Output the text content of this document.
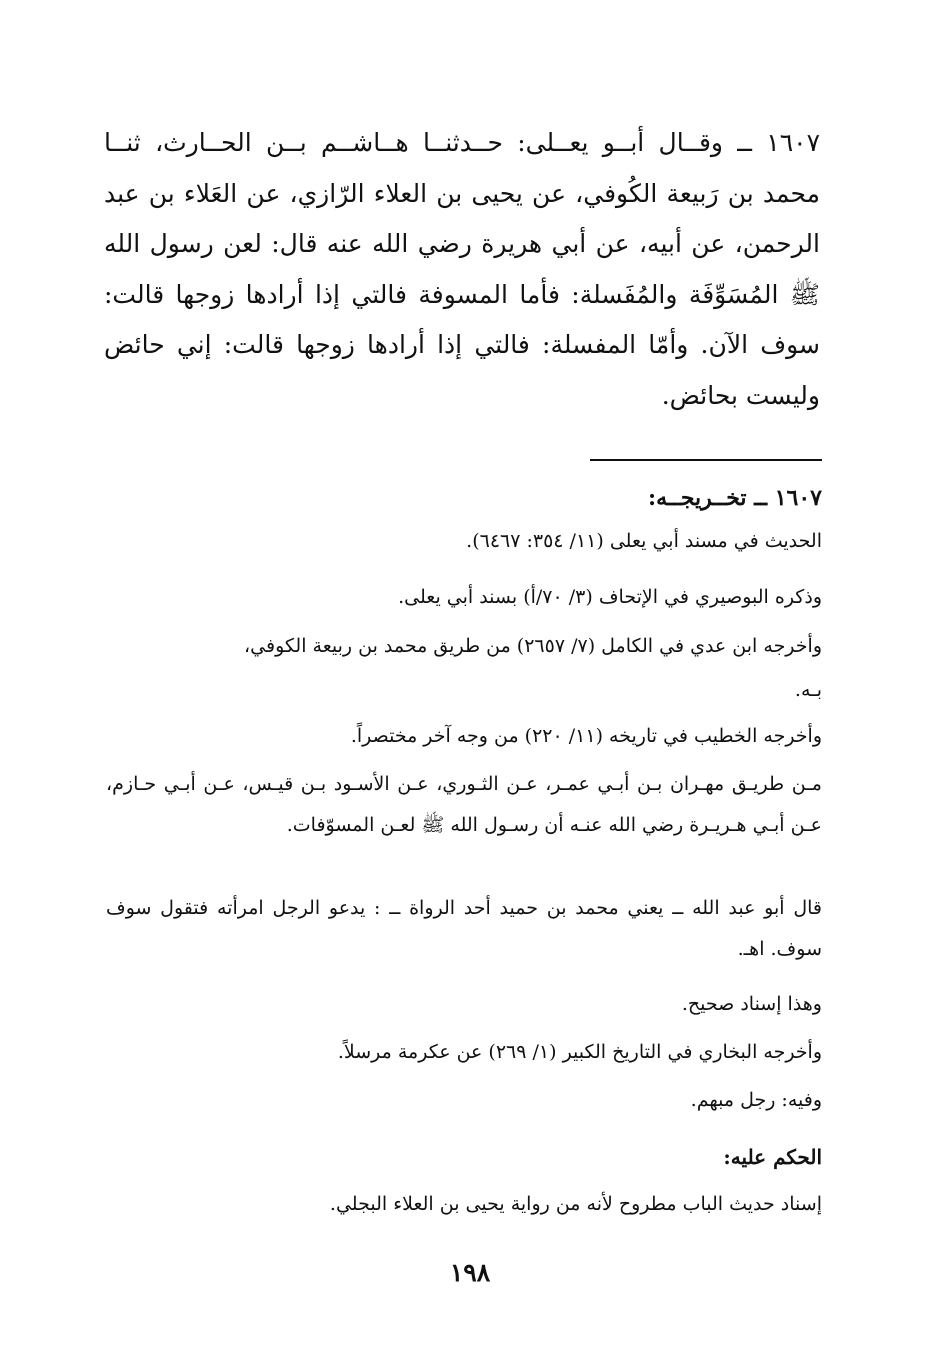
١٦٠٧ ــ وقــال أبــو يعــلى: حــدثنــا هــاشــم بــن الحــارث، ثنــا محمد بن رَبيعة الكُوفي، عن يحيى بن العلاء الرّازي، عن العَلاء بن عبد الرحمن، عن أبيه، عن أبي هريرة رضي الله عنه قال: لعن رسول الله ﷺ المُسَوِّفَة والمُفَسلة: فأما المسوفة فالتي إذا أرادها زوجها قالت: سوف الآن. وأمّا المفسلة: فالتي إذا أرادها زوجها قالت: إني حائض وليست بحائض.
١٦٠٧ ــ تخــريجــه:
الحديث في مسند أبي يعلى (١١/ ٣٥٤: ٦٤٦٧).
وذكره البوصيري في الإتحاف (٣/ ٧٠/أ) بسند أبي يعلى.
وأخرجه ابن عدي في الكامل (٧/ ٢٦٥٧) من طريق محمد بن ربيعة الكوفي،
بـه.
وأخرجه الخطيب في تاريخه (١١/ ٢٢٠) من وجه آخر مختصراً.
مـن طريـق مهـران بـن أبـي عمـر، عـن الثـوري، عـن الأسـود بـن قيـس، عـن أبـي حـازم، عـن أبـي هـريـرة رضي الله عنـه أن رسـول الله ﷺ لعـن المسوّفات.
قال أبو عبد الله ــ يعني محمد بن حميد أحد الرواة ــ : يدعو الرجل امرأته فتقول سوف سوف. اهـ.
وهذا إسناد صحيح.
وأخرجه البخاري في التاريخ الكبير (١/ ٢٦٩) عن عكرمة مرسلاً.
وفيه: رجل مبهم.
الحكم عليه:
إسناد حديث الباب مطروح لأنه من رواية يحيى بن العلاء البجلي.
١٩٨
